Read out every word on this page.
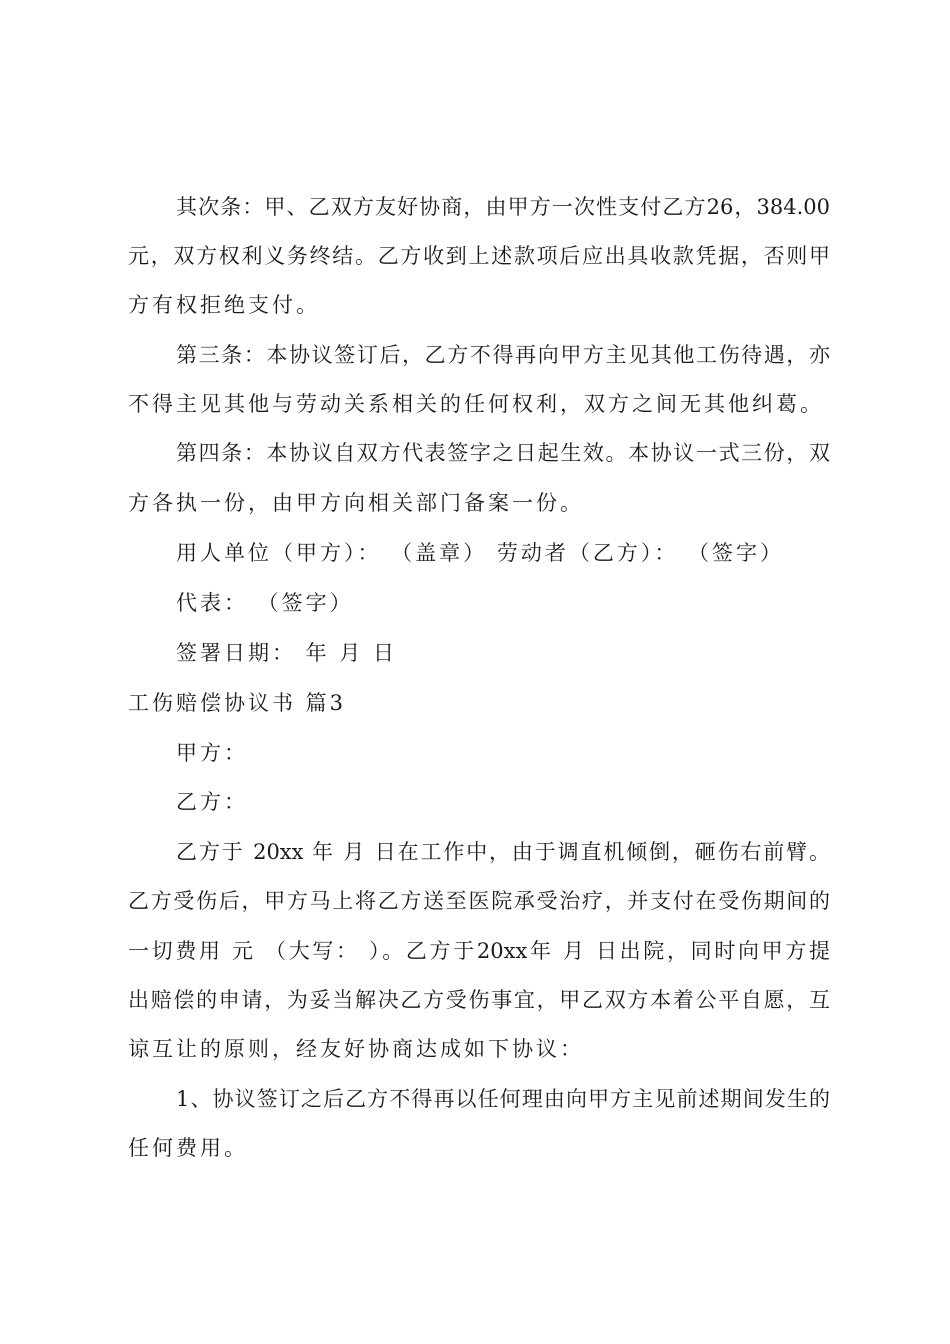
其次条：甲、乙双方友好协商，由甲方一次性支付乙方26，384.00
元，双方权利义务终结。乙方收到上述款项后应出具收款凭据，否则甲
方有权拒绝支付。
第三条：本协议签订后，乙方不得再向甲方主见其他工伤待遇，亦
不得主见其他与劳动关系相关的任何权利，双方之间无其他纠葛。
第四条：本协议自双方代表签字之日起生效。本协议一式三份，双
方各执一份，由甲方向相关部门备案一份。
用人单位（甲方）： （盖章） 劳动者（乙方）： （签字）
代表： （签字）
签署日期： 年 月 日
工伤赔偿协议书 篇3
甲方：
乙方：
乙方于 20xx 年 月 日在工作中，由于调直机倾倒，砸伤右前臂。
乙方受伤后，甲方马上将乙方送至医院承受治疗，并支付在受伤期间的
一切费用 元 （大写： ）。乙方于20xx年 月 日出院，同时向甲方提
出赔偿的申请，为妥当解决乙方受伤事宜，甲乙双方本着公平自愿，互
谅互让的原则，经友好协商达成如下协议：
1、协议签订之后乙方不得再以任何理由向甲方主见前述期间发生的
任何费用。
